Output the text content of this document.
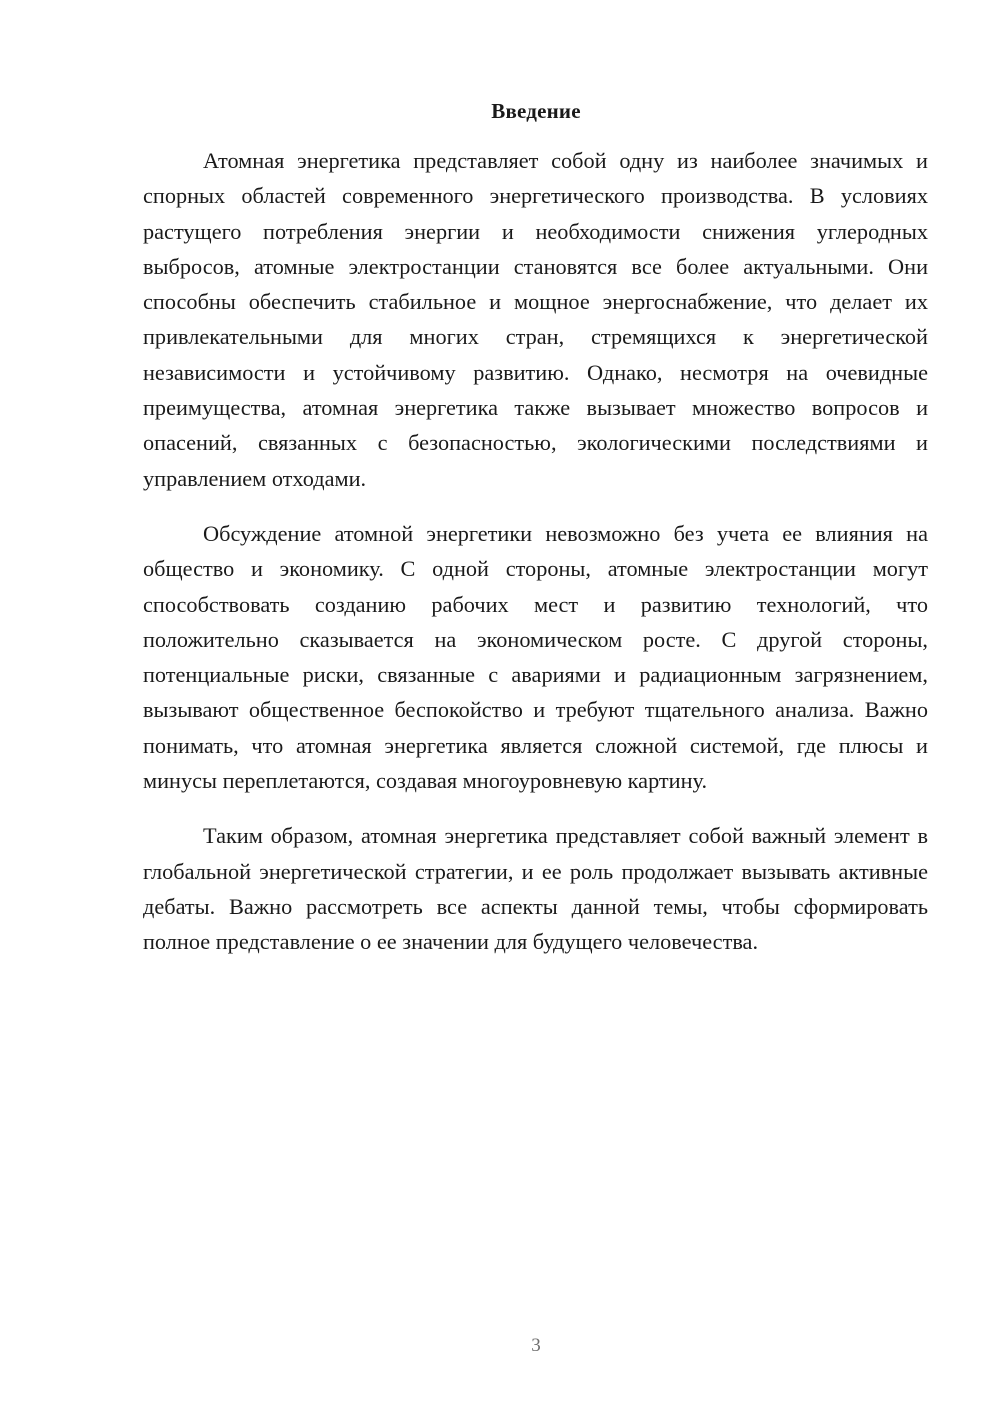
Введение

Атомная энергетика представляет собой одну из наиболее значимых и спорных областей современного энергетического производства. В условиях растущего потребления энергии и необходимости снижения углеродных выбросов, атомные электростанции становятся все более актуальными. Они способны обеспечить стабильное и мощное энергоснабжение, что делает их привлекательными для многих стран, стремящихся к энергетической независимости и устойчивому развитию. Однако, несмотря на очевидные преимущества, атомная энергетика также вызывает множество вопросов и опасений, связанных с безопасностью, экологическими последствиями и управлением отходами.

Обсуждение атомной энергетики невозможно без учета ее влияния на общество и экономику. С одной стороны, атомные электростанции могут способствовать созданию рабочих мест и развитию технологий, что положительно сказывается на экономическом росте. С другой стороны, потенциальные риски, связанные с авариями и радиационным загрязнением, вызывают общественное беспокойство и требуют тщательного анализа. Важно понимать, что атомная энергетика является сложной системой, где плюсы и минусы переплетаются, создавая многоуровневую картину.

Таким образом, атомная энергетика представляет собой важный элемент в глобальной энергетической стратегии, и ее роль продолжает вызывать активные дебаты. Важно рассмотреть все аспекты данной темы, чтобы сформировать полное представление о ее значении для будущего человечества.

3
